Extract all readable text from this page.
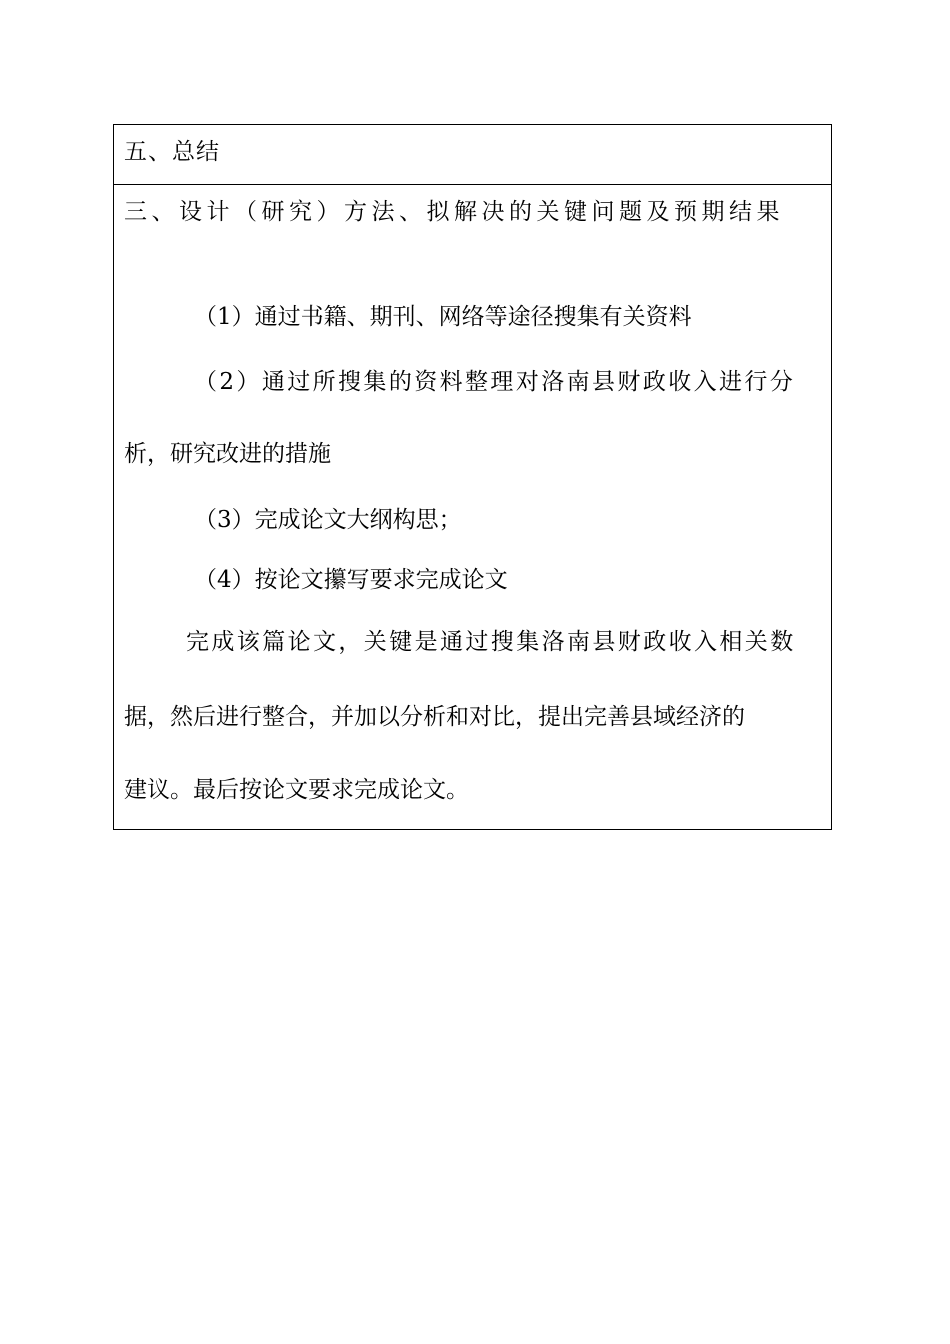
五、总结
三、设计（研究）方法、拟解决的关键问题及预期结果
（1）通过书籍、期刊、网络等途径搜集有关资料
（2）通过所搜集的资料整理对洛南县财政收入进行分
析，研究改进的措施
（3）完成论文大纲构思；
（4）按论文攥写要求完成论文
完成该篇论文，关键是通过搜集洛南县财政收入相关数
据，然后进行整合，并加以分析和对比，提出完善县域经济的
建议。最后按论文要求完成论文。
